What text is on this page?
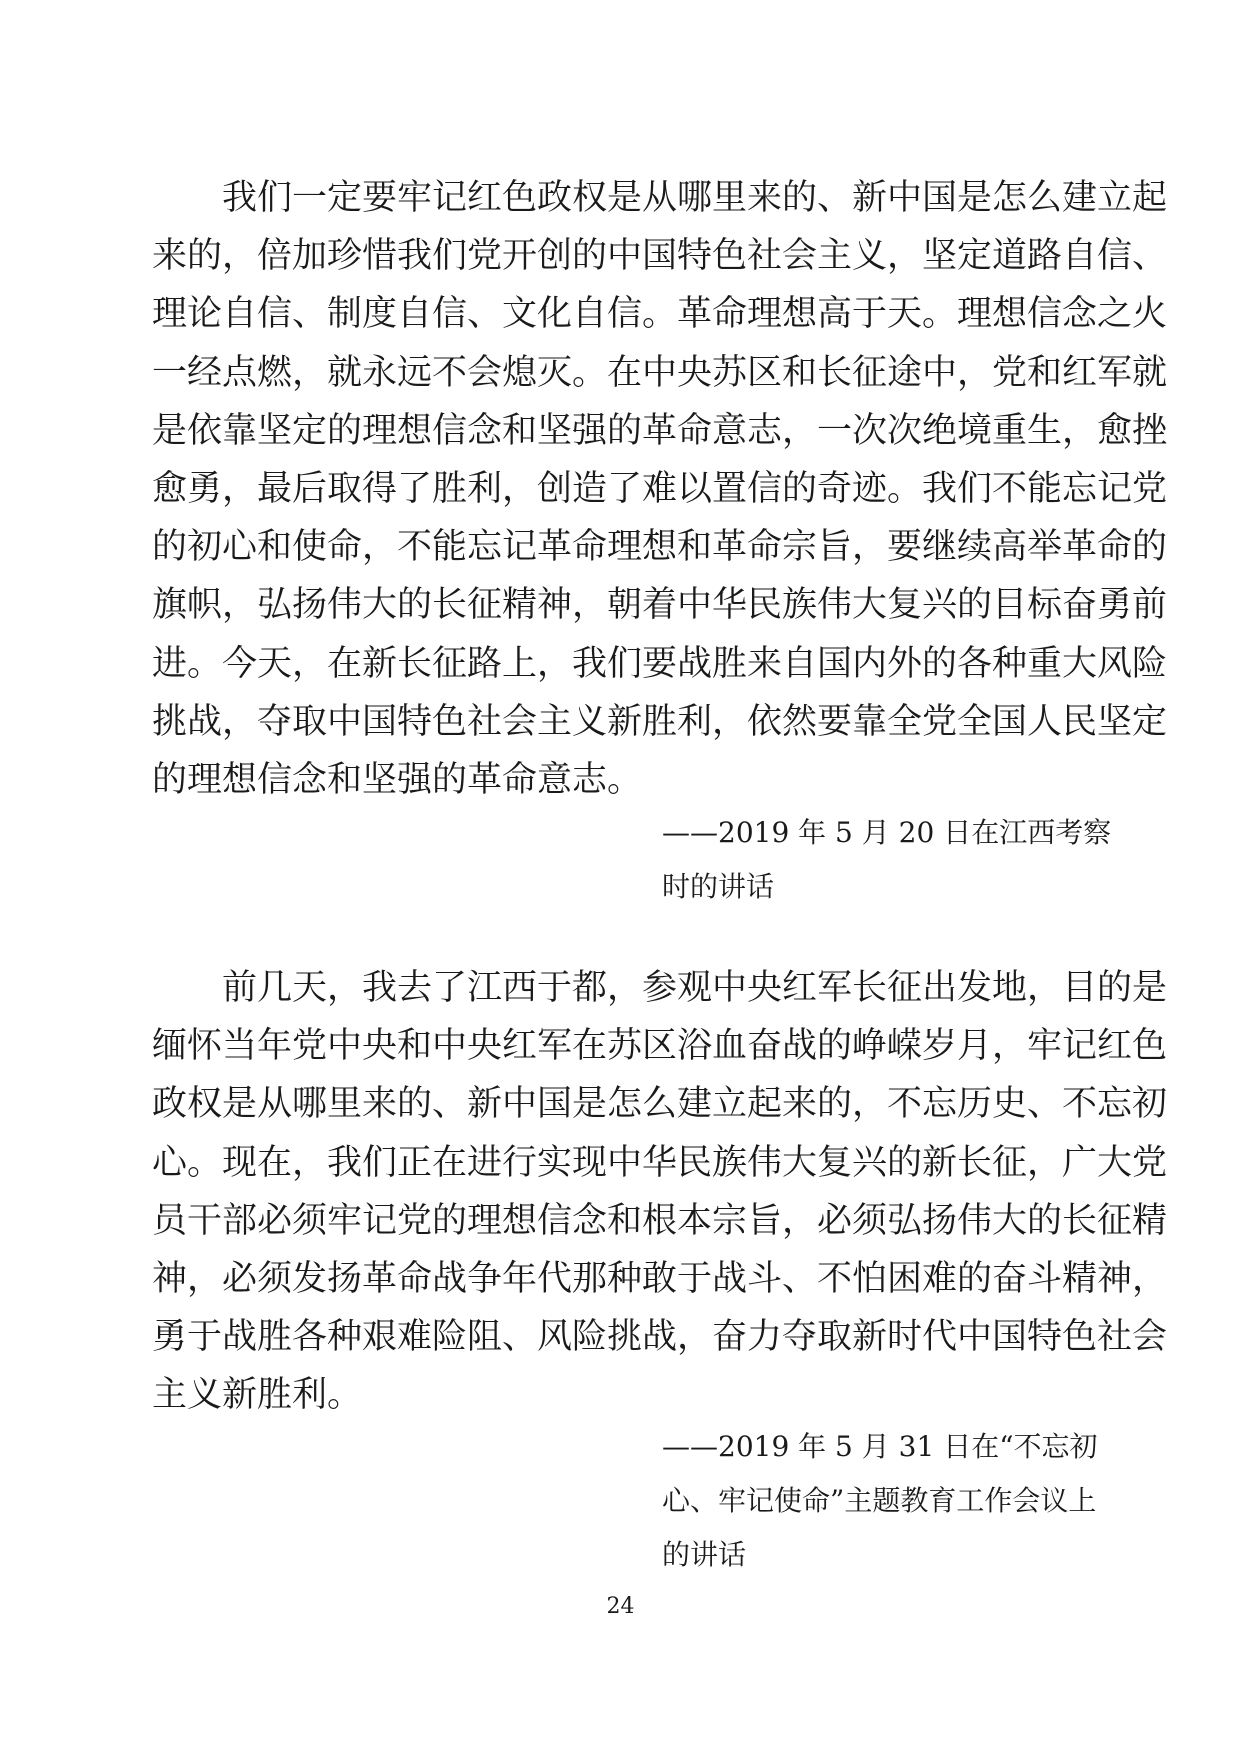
我们一定要牢记红色政权是从哪里来的、新中国是怎么建立起
来的，倍加珍惜我们党开创的中国特色社会主义，坚定道路自信、
理论自信、制度自信、文化自信。革命理想高于天。理想信念之火
一经点燃，就永远不会熄灭。在中央苏区和长征途中，党和红军就
是依靠坚定的理想信念和坚强的革命意志，一次次绝境重生，愈挫
愈勇，最后取得了胜利，创造了难以置信的奇迹。我们不能忘记党
的初心和使命，不能忘记革命理想和革命宗旨，要继续高举革命的
旗帜，弘扬伟大的长征精神，朝着中华民族伟大复兴的目标奋勇前
进。今天，在新长征路上，我们要战胜来自国内外的各种重大风险
挑战，夺取中国特色社会主义新胜利，依然要靠全党全国人民坚定
的理想信念和坚强的革命意志。
——2019 年 5 月 20 日在江西考察
时的讲话
前几天，我去了江西于都，参观中央红军长征出发地，目的是
缅怀当年党中央和中央红军在苏区浴血奋战的峥嵘岁月，牢记红色
政权是从哪里来的、新中国是怎么建立起来的，不忘历史、不忘初
心。现在，我们正在进行实现中华民族伟大复兴的新长征，广大党
员干部必须牢记党的理想信念和根本宗旨，必须弘扬伟大的长征精
神，必须发扬革命战争年代那种敢于战斗、不怕困难的奋斗精神，
勇于战胜各种艰难险阻、风险挑战，奋力夺取新时代中国特色社会
主义新胜利。
——2019 年 5 月 31 日在“不忘初
心、牢记使命”主题教育工作会议上
的讲话
24
